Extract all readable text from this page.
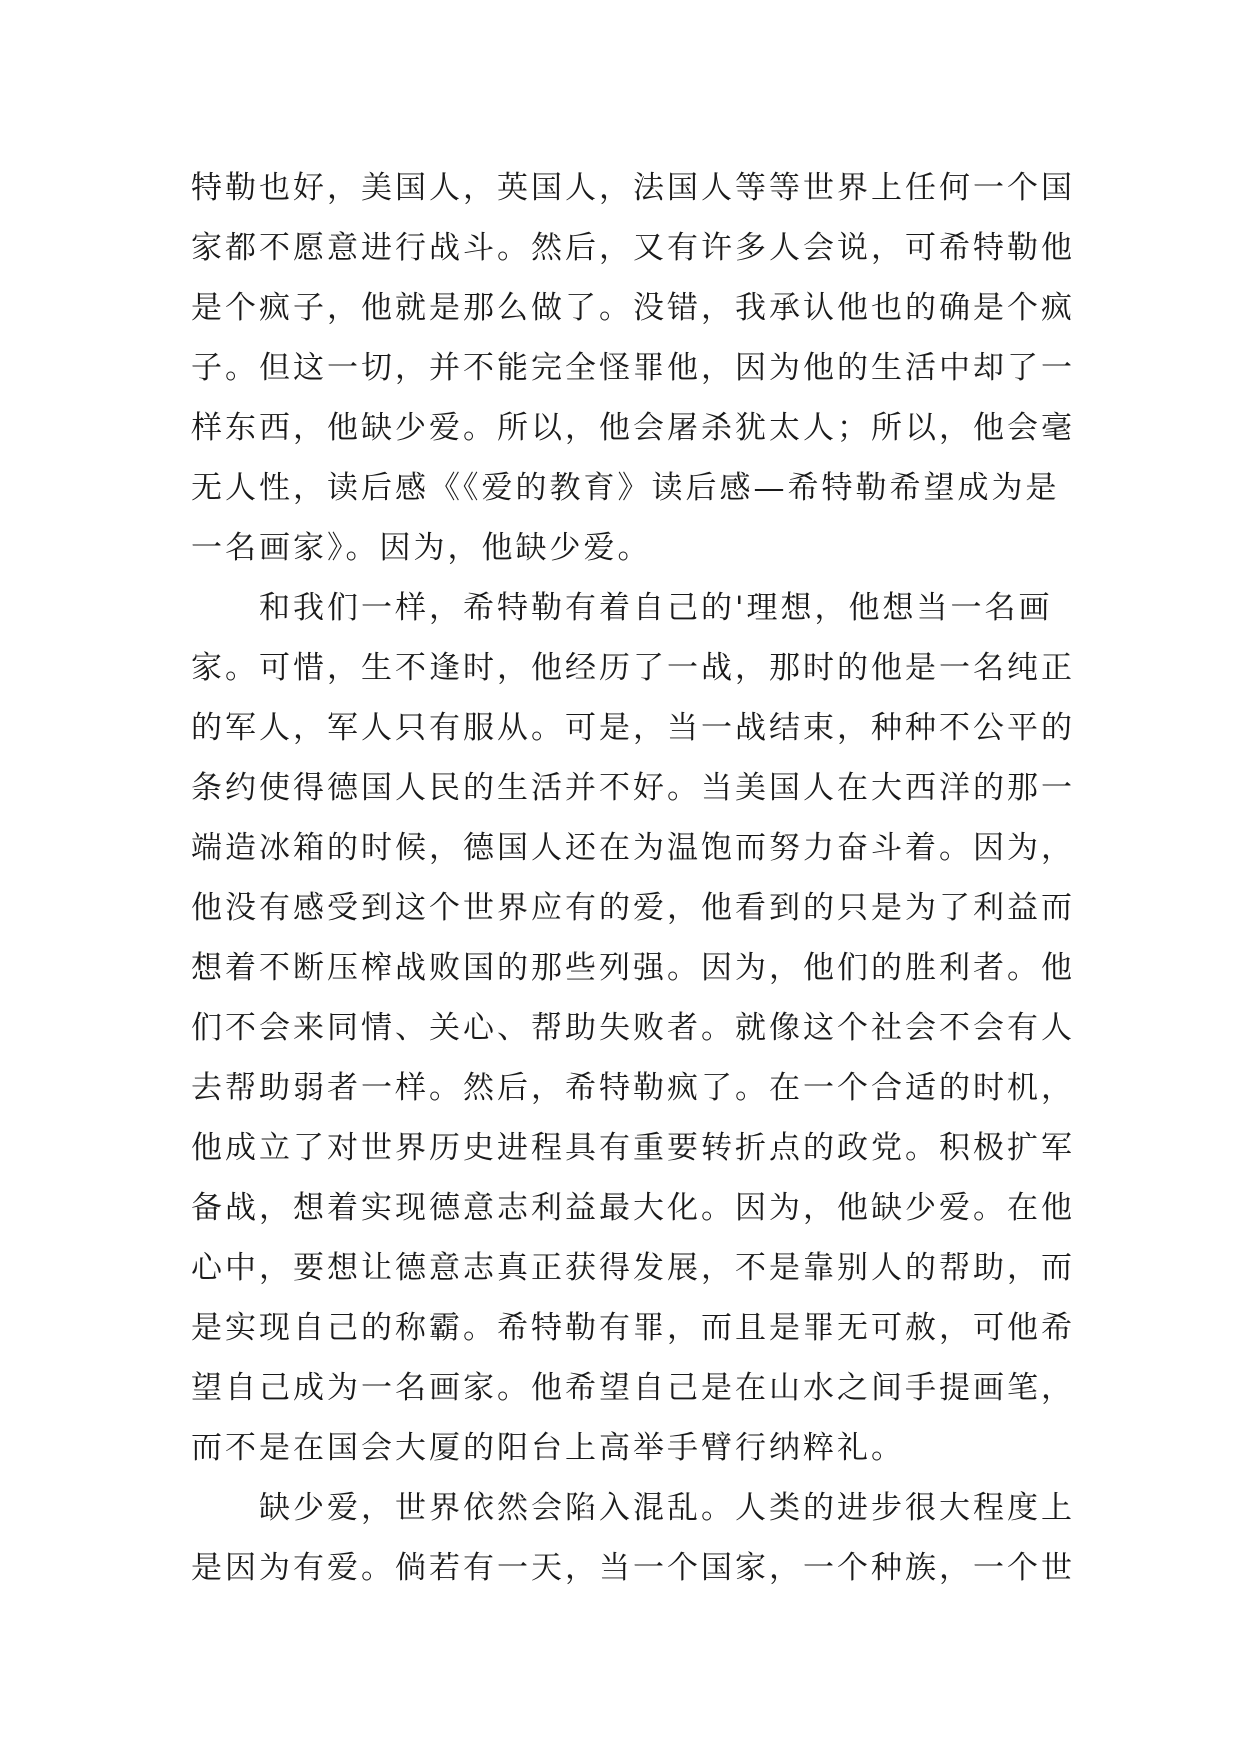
特勒也好，美国人，英国人，法国人等等世界上任何一个国
家都不愿意进行战斗。然后，又有许多人会说，可希特勒他
是个疯子，他就是那么做了。没错，我承认他也的确是个疯
子。但这一切，并不能完全怪罪他，因为他的生活中却了一
样东西，他缺少爱。所以，他会屠杀犹太人；所以，他会毫
无人性，读后感《《爱的教育》读后感—希特勒希望成为是
一名画家》。因为，他缺少爱。
和我们一样，希特勒有着自己的'理想，他想当一名画
家。可惜，生不逢时，他经历了一战，那时的他是一名纯正
的军人，军人只有服从。可是，当一战结束，种种不公平的
条约使得德国人民的生活并不好。当美国人在大西洋的那一
端造冰箱的时候，德国人还在为温饱而努力奋斗着。因为，
他没有感受到这个世界应有的爱，他看到的只是为了利益而
想着不断压榨战败国的那些列强。因为，他们的胜利者。他
们不会来同情、关心、帮助失败者。就像这个社会不会有人
去帮助弱者一样。然后，希特勒疯了。在一个合适的时机，
他成立了对世界历史进程具有重要转折点的政党。积极扩军
备战，想着实现德意志利益最大化。因为，他缺少爱。在他
心中，要想让德意志真正获得发展，不是靠别人的帮助，而
是实现自己的称霸。希特勒有罪，而且是罪无可赦，可他希
望自己成为一名画家。他希望自己是在山水之间手提画笔，
而不是在国会大厦的阳台上高举手臂行纳粹礼。
缺少爱，世界依然会陷入混乱。人类的进步很大程度上
是因为有爱。倘若有一天，当一个国家，一个种族，一个世
